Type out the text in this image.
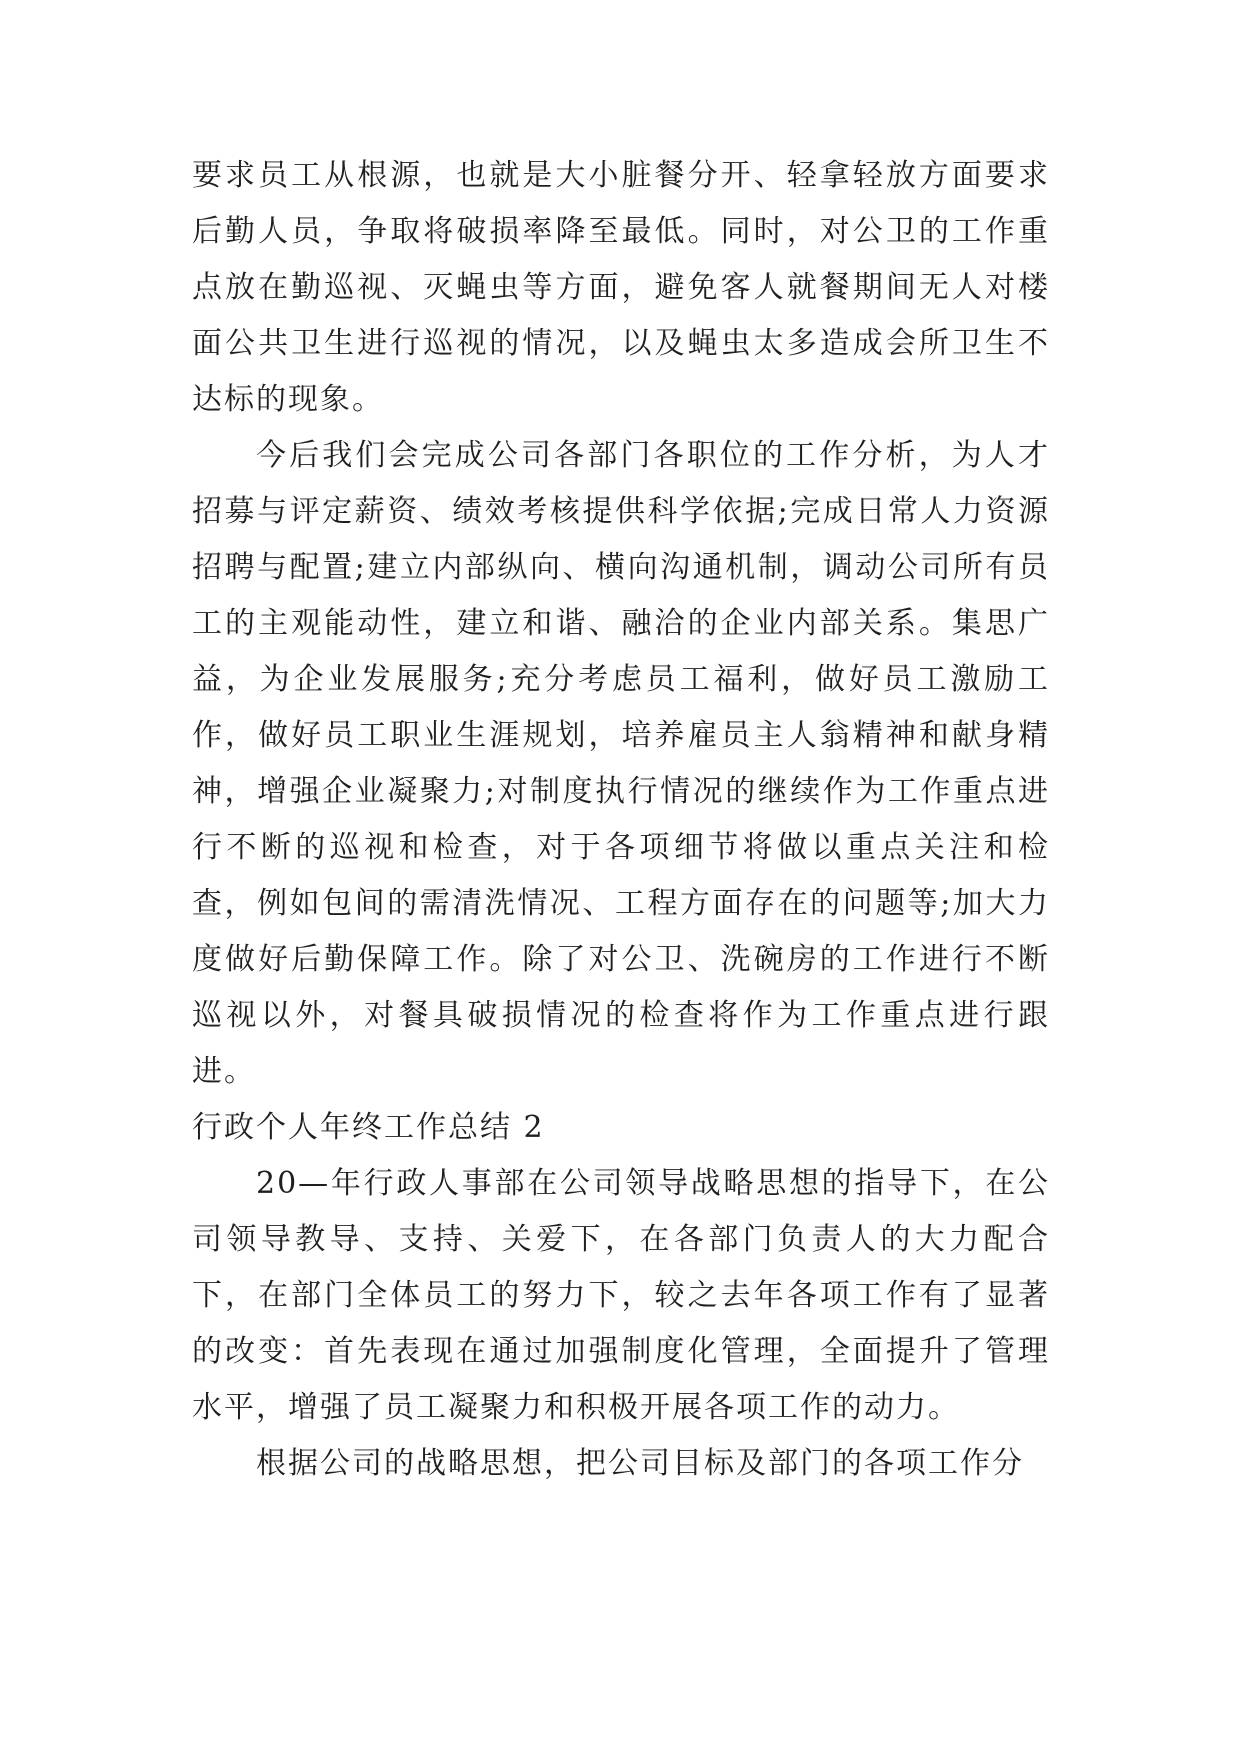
要求员工从根源，也就是大小脏餐分开、轻拿轻放方面要求后勤人员，争取将破损率降至最低。同时，对公卫的工作重点放在勤巡视、灭蝇虫等方面，避免客人就餐期间无人对楼面公共卫生进行巡视的情况，以及蝇虫太多造成会所卫生不达标的现象。

今后我们会完成公司各部门各职位的工作分析，为人才招募与评定薪资、绩效考核提供科学依据;完成日常人力资源招聘与配置;建立内部纵向、横向沟通机制，调动公司所有员工的主观能动性，建立和谐、融洽的企业内部关系。集思广益，为企业发展服务;充分考虑员工福利，做好员工激励工作，做好员工职业生涯规划，培养雇员主人翁精神和献身精神，增强企业凝聚力;对制度执行情况的继续作为工作重点进行不断的巡视和检查，对于各项细节将做以重点关注和检查，例如包间的需清洗情况、工程方面存在的问题等;加大力度做好后勤保障工作。除了对公卫、洗碗房的工作进行不断巡视以外，对餐具破损情况的检查将作为工作重点进行跟进。

行政个人年终工作总结 2

20—年行政人事部在公司领导战略思想的指导下，在公司领导教导、支持、关爱下，在各部门负责人的大力配合下，在部门全体员工的努力下，较之去年各项工作有了显著的改变：首先表现在通过加强制度化管理，全面提升了管理水平，增强了员工凝聚力和积极开展各项工作的动力。

根据公司的战略思想，把公司目标及部门的各项工作分
